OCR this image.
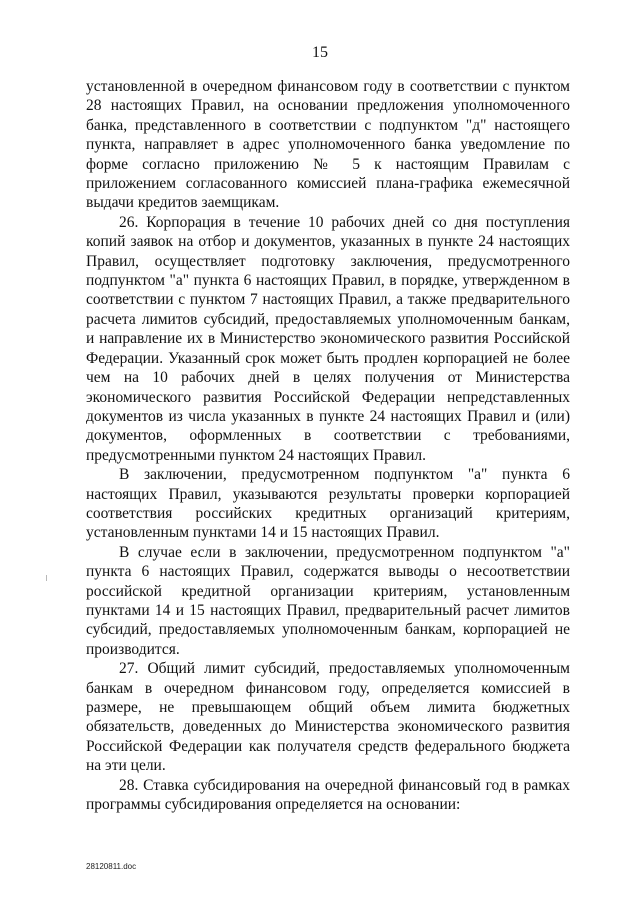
15

установленной в очередном финансовом году в соответствии с пунктом 28 настоящих Правил, на основании предложения уполномоченного банка, представленного в соответствии с подпунктом "д" настоящего пункта, направляет в адрес уполномоченного банка уведомление по форме согласно приложению № 5 к настоящим Правилам с приложением согласованного комиссией плана-графика ежемесячной выдачи кредитов заемщикам.

26. Корпорация в течение 10 рабочих дней со дня поступления копий заявок на отбор и документов, указанных в пункте 24 настоящих Правил, осуществляет подготовку заключения, предусмотренного подпунктом "а" пункта 6 настоящих Правил, в порядке, утвержденном в соответствии с пунктом 7 настоящих Правил, а также предварительного расчета лимитов субсидий, предоставляемых уполномоченным банкам, и направление их в Министерство экономического развития Российской Федерации. Указанный срок может быть продлен корпорацией не более чем на 10 рабочих дней в целях получения от Министерства экономического развития Российской Федерации непредставленных документов из числа указанных в пункте 24 настоящих Правил и (или) документов, оформленных в соответствии с требованиями, предусмотренными пунктом 24 настоящих Правил.

В заключении, предусмотренном подпунктом "а" пункта 6 настоящих Правил, указываются результаты проверки корпорацией соответствия российских кредитных организаций критериям, установленным пунктами 14 и 15 настоящих Правил.

В случае если в заключении, предусмотренном подпунктом "а" пункта 6 настоящих Правил, содержатся выводы о несоответствии российской кредитной организации критериям, установленным пунктами 14 и 15 настоящих Правил, предварительный расчет лимитов субсидий, предоставляемых уполномоченным банкам, корпорацией не производится.

27. Общий лимит субсидий, предоставляемых уполномоченным банкам в очередном финансовом году, определяется комиссией в размере, не превышающем общий объем лимита бюджетных обязательств, доведенных до Министерства экономического развития Российской Федерации как получателя средств федерального бюджета на эти цели.

28. Ставка субсидирования на очередной финансовый год в рамках программы субсидирования определяется на основании:

28120811.doc
